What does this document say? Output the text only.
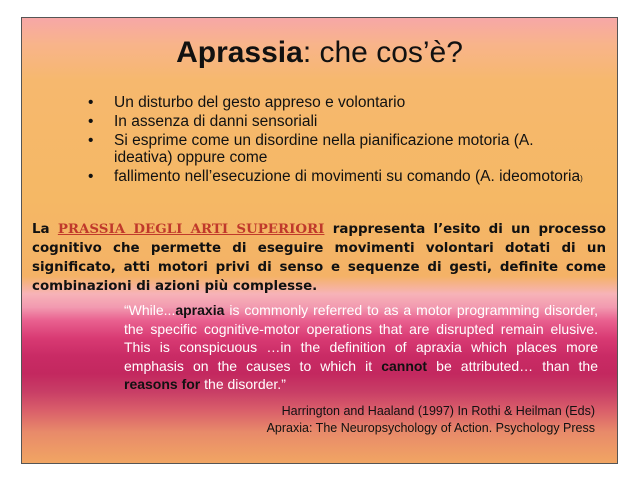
Aprassia: che cos’è?
• Un disturbo del gesto appreso e volontario
• In assenza di danni sensoriali
• Si esprime come un disordine nella pianificazione motoria (A. ideativa) oppure come
• fallimento nell’esecuzione di movimenti su comando (A. ideomotoria)
La PRASSIA DEGLI ARTI SUPERIORI rappresenta l’esito di un processo cognitivo che permette di eseguire movimenti volontari dotati di un significato, atti motori privi di senso e sequenze di gesti, definite come combinazioni di azioni più complesse.
“While...apraxia is commonly referred to as a motor programming disorder, the specific cognitive-motor operations that are disrupted remain elusive. This is conspicuous …in the definition of apraxia which places more emphasis on the causes to which it cannot be attributed… than the reasons for the disorder.”
Harrington and Haaland (1997) In Rothi & Heilman (Eds)
Apraxia: The Neuropsychology of Action. Psychology Press
